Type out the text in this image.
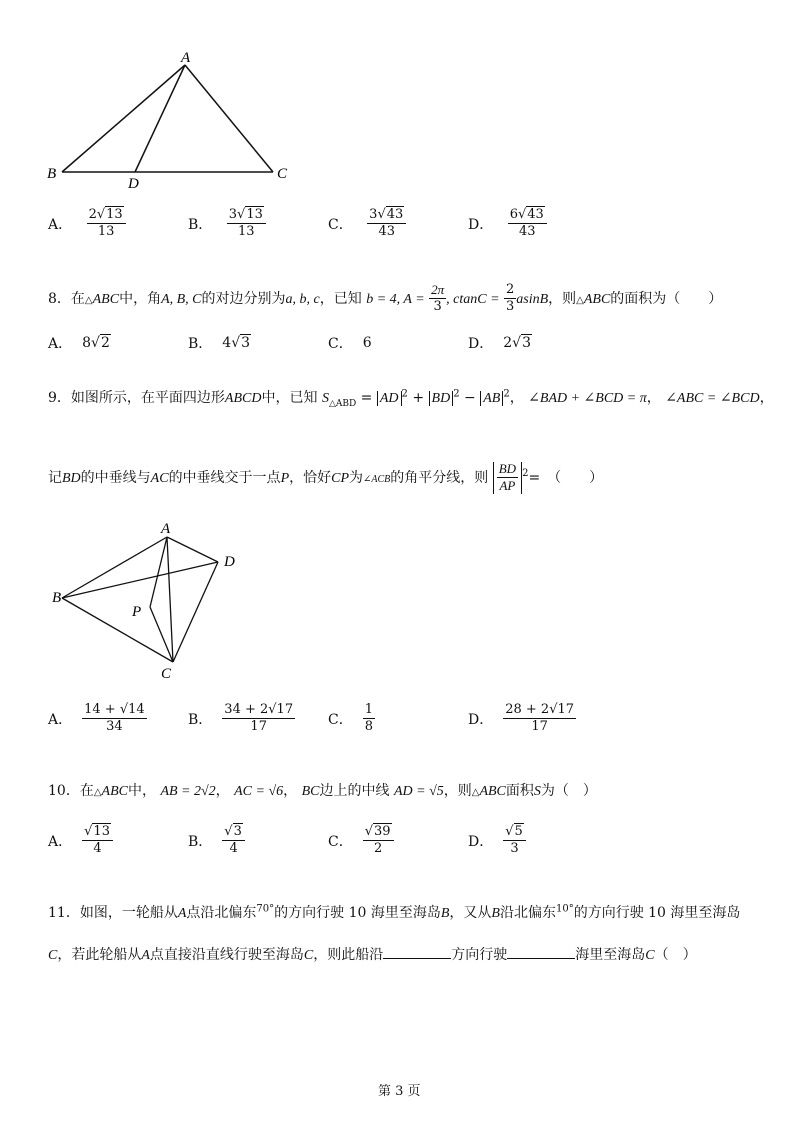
A
B	C
D
A． $\frac{2√13}{13}$	B． $\frac{3√13}{13}$	C． $\frac{3√43}{43}$	D． $\frac{6√43}{43}$
8．在△ABC中，角A, B, C的对边分别为a, b, c，已知 b = 4, $A = \frac{2\pi}{3}$ , $ctanC = \frac{2}{3}$ asinB，则△ABC的面积为（　　）
A． 8√2	B． 4√3	C． 6	D． 2√3
9．如图所示，在平面四边形ABCD中，已知 $S_{\triangle ABD}$ = AD $^2$ + BD $^2$ − AB $^2$， ∠BAD + ∠BCD = π， ∠ABC = ∠BCD，
记BD的中垂线与AC的中垂线交于一点P，恰好CP为∠ACB的角平分线，则 $\frac{BD}{AP} ^2=$　（　　）
A
B
C
D
P
A． $\frac{14 + √14}{34}$	B． $\frac{34 + 2√17}{17}$ C． $\frac{1}{8}$	D． $\frac{28 + 2√17}{17}$
10．在△ABC中， AB = 2√2， AC = √6， BC边上的中线 AD = √5，则△ABC面积S为（　）
A． $\frac{√13}{4}$	B． $\frac{√3}{4}$	C． $\frac{√39}{2}$	D． $\frac{√5}{3}$
11．如图，一轮船从A点沿北偏东$^{70^\circ}$的方向行驶 10 海里至海岛B，又从B沿北偏东$^{10^\circ}$的方向行驶 10 海里至海岛
C，若此轮船从A点直接沿直线行驶至海岛C，则此船沿	方向行驶	海里至海岛C（　）
第 3 页
